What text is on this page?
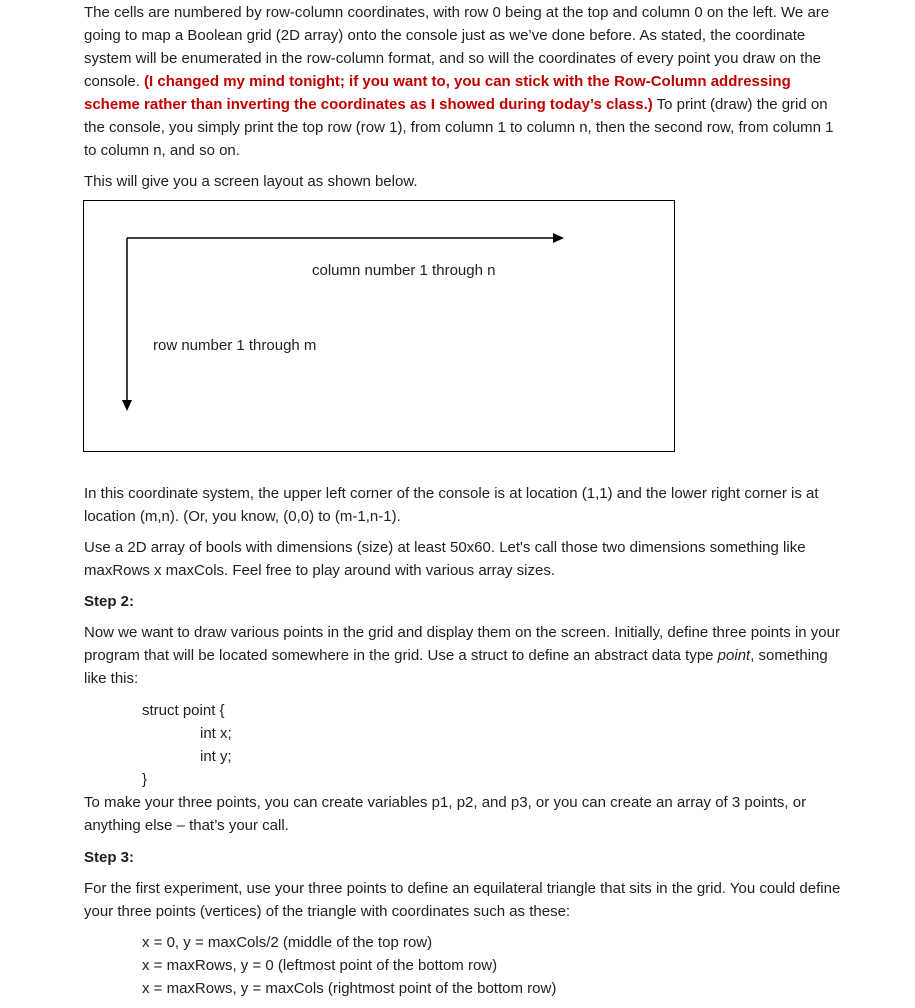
The cells are numbered by row-column coordinates, with row 0 being at the top and column 0 on the left. We are going to map a Boolean grid (2D array) onto the console just as we’ve done before. As stated, the coordinate system will be enumerated in the row-column format, and so will the coordinates of every point you draw on the console. (I changed my mind tonight; if you want to, you can stick with the Row-Column addressing scheme rather than inverting the coordinates as I showed during today’s class.) To print (draw) the grid on the console, you simply print the top row (row 1), from column 1 to column n, then the second row, from column 1 to column n, and so on.

This will give you a screen layout as shown below.

column number 1 through n
row number 1 through m

In this coordinate system, the upper left corner of the console is at location (1,1) and the lower right corner is at location (m,n). (Or, you know, (0,0) to (m-1,n-1).

Use a 2D array of bools with dimensions (size) at least 50x60. Let's call those two dimensions something like maxRows x maxCols. Feel free to play around with various array sizes.

Step 2:

Now we want to draw various points in the grid and display them on the screen. Initially, define three points in your program that will be located somewhere in the grid. Use a struct to define an abstract data type point, something like this:

struct point {
int x;
int y;
}

To make your three points, you can create variables p1, p2, and p3, or you can create an array of 3 points, or anything else – that’s your call.

Step 3:

For the first experiment, use your three points to define an equilateral triangle that sits in the grid. You could define your three points (vertices) of the triangle with coordinates such as these:

x = 0, y = maxCols/2 (middle of the top row)
x = maxRows, y = 0 (leftmost point of the bottom row)
x = maxRows, y = maxCols (rightmost point of the bottom row)
